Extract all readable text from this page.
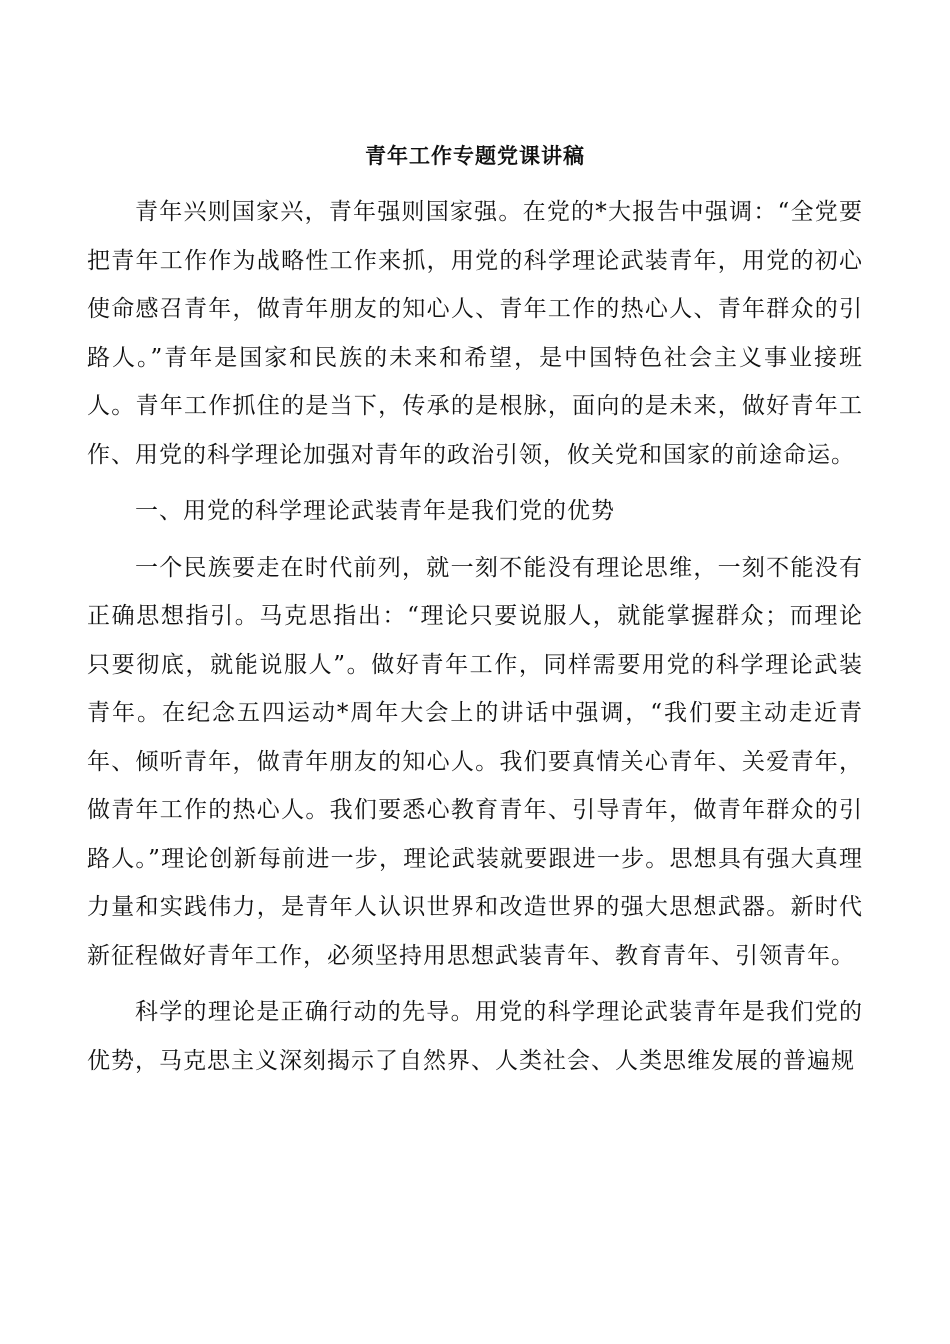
青年工作专题党课讲稿

青年兴则国家兴，青年强则国家强。在党的*大报告中强调：“全党要把青年工作作为战略性工作来抓，用党的科学理论武装青年，用党的初心使命感召青年，做青年朋友的知心人、青年工作的热心人、青年群众的引路人。”青年是国家和民族的未来和希望，是中国特色社会主义事业接班人。青年工作抓住的是当下，传承的是根脉，面向的是未来，做好青年工作、用党的科学理论加强对青年的政治引领，攸关党和国家的前途命运。

一、用党的科学理论武装青年是我们党的优势

一个民族要走在时代前列，就一刻不能没有理论思维，一刻不能没有正确思想指引。马克思指出：“理论只要说服人，就能掌握群众；而理论只要彻底，就能说服人”。做好青年工作，同样需要用党的科学理论武装青年。在纪念五四运动*周年大会上的讲话中强调，“我们要主动走近青年、倾听青年，做青年朋友的知心人。我们要真情关心青年、关爱青年，做青年工作的热心人。我们要悉心教育青年、引导青年，做青年群众的引路人。”理论创新每前进一步，理论武装就要跟进一步。思想具有强大真理力量和实践伟力，是青年人认识世界和改造世界的强大思想武器。新时代新征程做好青年工作，必须坚持用思想武装青年、教育青年、引领青年。

科学的理论是正确行动的先导。用党的科学理论武装青年是我们党的优势，马克思主义深刻揭示了自然界、人类社会、人类思维发展的普遍规
